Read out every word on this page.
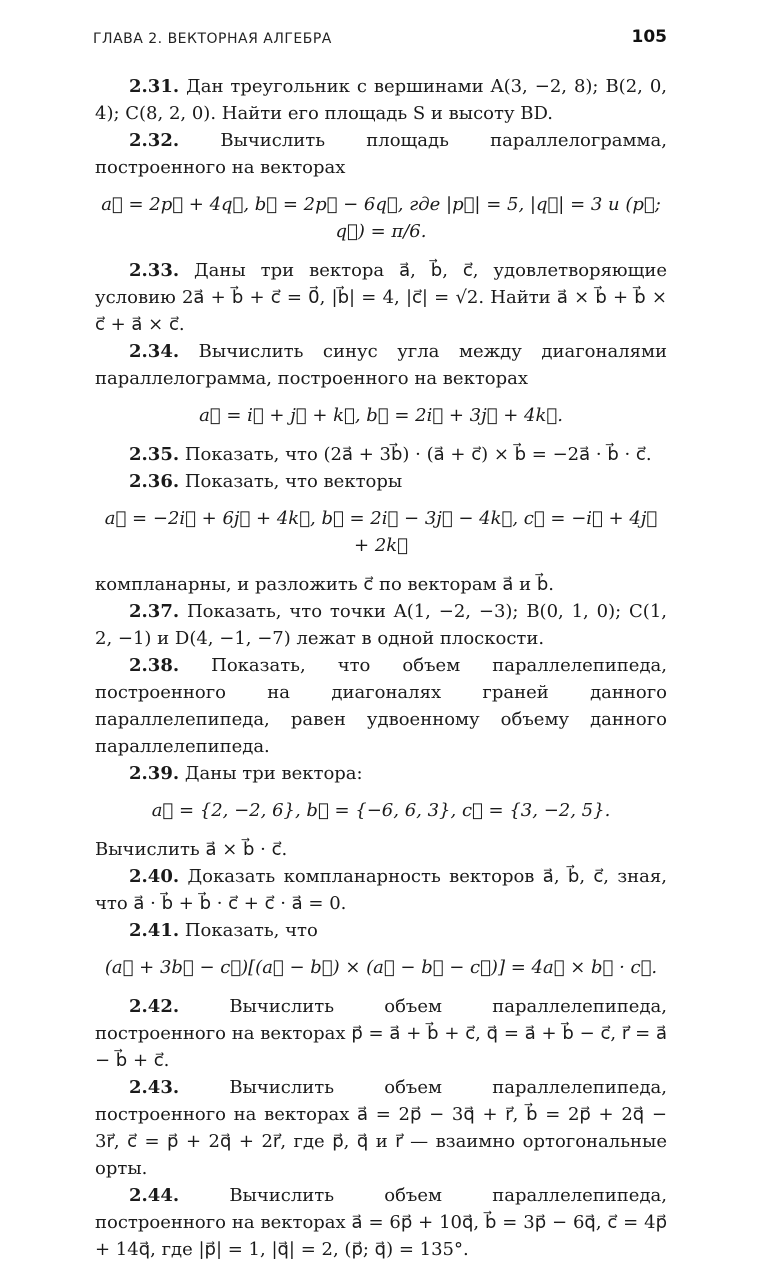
ГЛАВА 2. ВЕКТОРНАЯ АЛГЕБРА	105

2.31. Дан треугольник с вершинами A(3, −2, 8); B(2, 0, 4); C(8, 2, 0). Найти его площадь S и высоту BD.

2.32. Вычислить площадь параллелограмма, построенного на векторах

a⃗ = 2p⃗ + 4q⃗, b⃗ = 2p⃗ − 6q⃗, где |p⃗| = 5, |q⃗| = 3 и (p⃗; q⃗) = π/6.

2.33. Даны три вектора a⃗, b⃗, c⃗, удовлетворяющие условию 2a⃗ + b⃗ + c⃗ = 0⃗, |b⃗| = 4, |c⃗| = √2. Найти a⃗ × b⃗ + b⃗ × c⃗ + a⃗ × c⃗.

2.34. Вычислить синус угла между диагоналями параллелограмма, построенного на векторах

a⃗ = i⃗ + j⃗ + k⃗, b⃗ = 2i⃗ + 3j⃗ + 4k⃗.

2.35. Показать, что (2a⃗ + 3b⃗) · (a⃗ + c⃗) × b⃗ = −2a⃗ · b⃗ · c⃗.

2.36. Показать, что векторы

a⃗ = −2i⃗ + 6j⃗ + 4k⃗, b⃗ = 2i⃗ − 3j⃗ − 4k⃗, c⃗ = −i⃗ + 4j⃗ + 2k⃗

компланарны, и разложить c⃗ по векторам a⃗ и b⃗.

2.37. Показать, что точки A(1, −2, −3); B(0, 1, 0); C(1, 2, −1) и D(4, −1, −7) лежат в одной плоскости.

2.38. Показать, что объем параллелепипеда, построенного на диагоналях граней данного параллелепипеда, равен удвоенному объему данного параллелепипеда.

2.39. Даны три вектора:

a⃗ = {2, −2, 6}, b⃗ = {−6, 6, 3}, c⃗ = {3, −2, 5}.

Вычислить a⃗ × b⃗ · c⃗.

2.40. Доказать компланарность векторов a⃗, b⃗, c⃗, зная, что a⃗ · b⃗ + b⃗ · c⃗ + c⃗ · a⃗ = 0.

2.41. Показать, что

(a⃗ + 3b⃗ − c⃗)[(a⃗ − b⃗) × (a⃗ − b⃗ − c⃗)] = 4a⃗ × b⃗ · c⃗.

2.42.	Вычислить объем параллелепипеда, построенного на векторах p⃗ = a⃗ + b⃗ + c⃗, q⃗ = a⃗ + b⃗ − c⃗, r⃗ = a⃗ − b⃗ + c⃗.

2.43.	Вычислить объем параллелепипеда, построенного на векторах a⃗ = 2p⃗ − 3q⃗ + r⃗, b⃗ = 2p⃗ + 2q⃗ − 3r⃗, c⃗ = p⃗ + 2q⃗ + 2r⃗, где p⃗, q⃗ и r⃗ — взаимно ортогональные орты.

2.44.	Вычислить объем параллелепипеда, построенного на векторах a⃗ = 6p⃗ + 10q⃗, b⃗ = 3p⃗ − 6q⃗, c⃗ = 4p⃗ + 14q⃗, где |p⃗| = 1, |q⃗| = 2, (p⃗; q⃗) = 135°.
